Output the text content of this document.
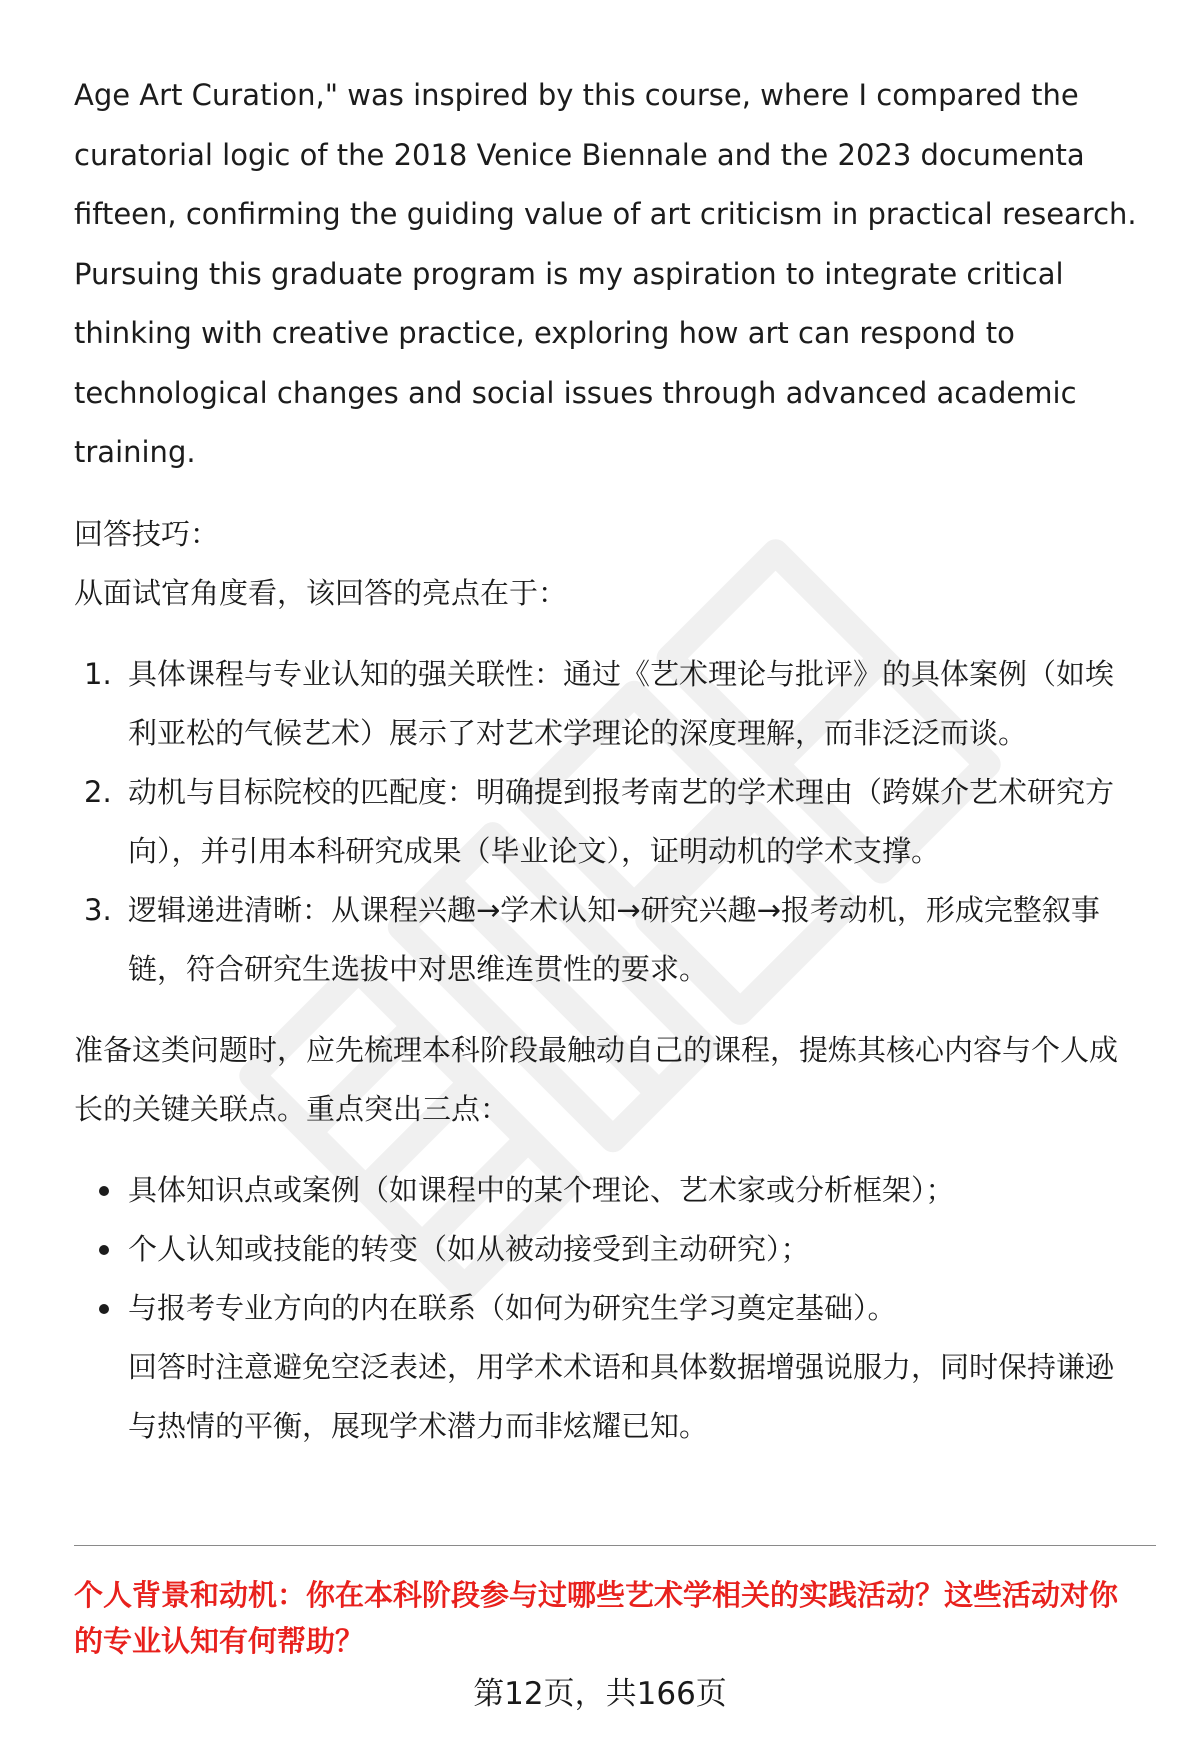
Age Art Curation," was inspired by this course, where I compared the

curatorial logic of the 2018 Venice Biennale and the 2023 documenta

fifteen, confirming the guiding value of art criticism in practical research.

Pursuing this graduate program is my aspiration to integrate critical

thinking with creative practice, exploring how art can respond to

technological changes and social issues through advanced academic

training.

回答技巧：

从面试官角度看，该回答的亮点在于：

1. 具体课程与专业认知的强关联性：通过《艺术理论与批评》的具体案例（如埃
利亚松的气候艺术）展示了对艺术学理论的深度理解，而非泛泛而谈。
2. 动机与目标院校的匹配度：明确提到报考南艺的学术理由（跨媒介艺术研究方
向），并引用本科研究成果（毕业论文），证明动机的学术支撑。
3. 逻辑递进清晰：从课程兴趣→学术认知→研究兴趣→报考动机，形成完整叙事
链，符合研究生选拔中对思维连贯性的要求。

准备这类问题时，应先梳理本科阶段最触动自己的课程，提炼其核心内容与个人成

长的关键关联点。重点突出三点：

具体知识点或案例（如课程中的某个理论、艺术家或分析框架）；
个人认知或技能的转变（如从被动接受到主动研究）；
与报考专业方向的内在联系（如何为研究生学习奠定基础）。

回答时注意避免空泛表述，用学术术语和具体数据增强说服力，同时保持谦逊

与热情的平衡，展现学术潜力而非炫耀已知。

个人背景和动机：你在本科阶段参与过哪些艺术学相关的实践活动？这些活动对你
的专业认知有何帮助？
第12页，共166页
